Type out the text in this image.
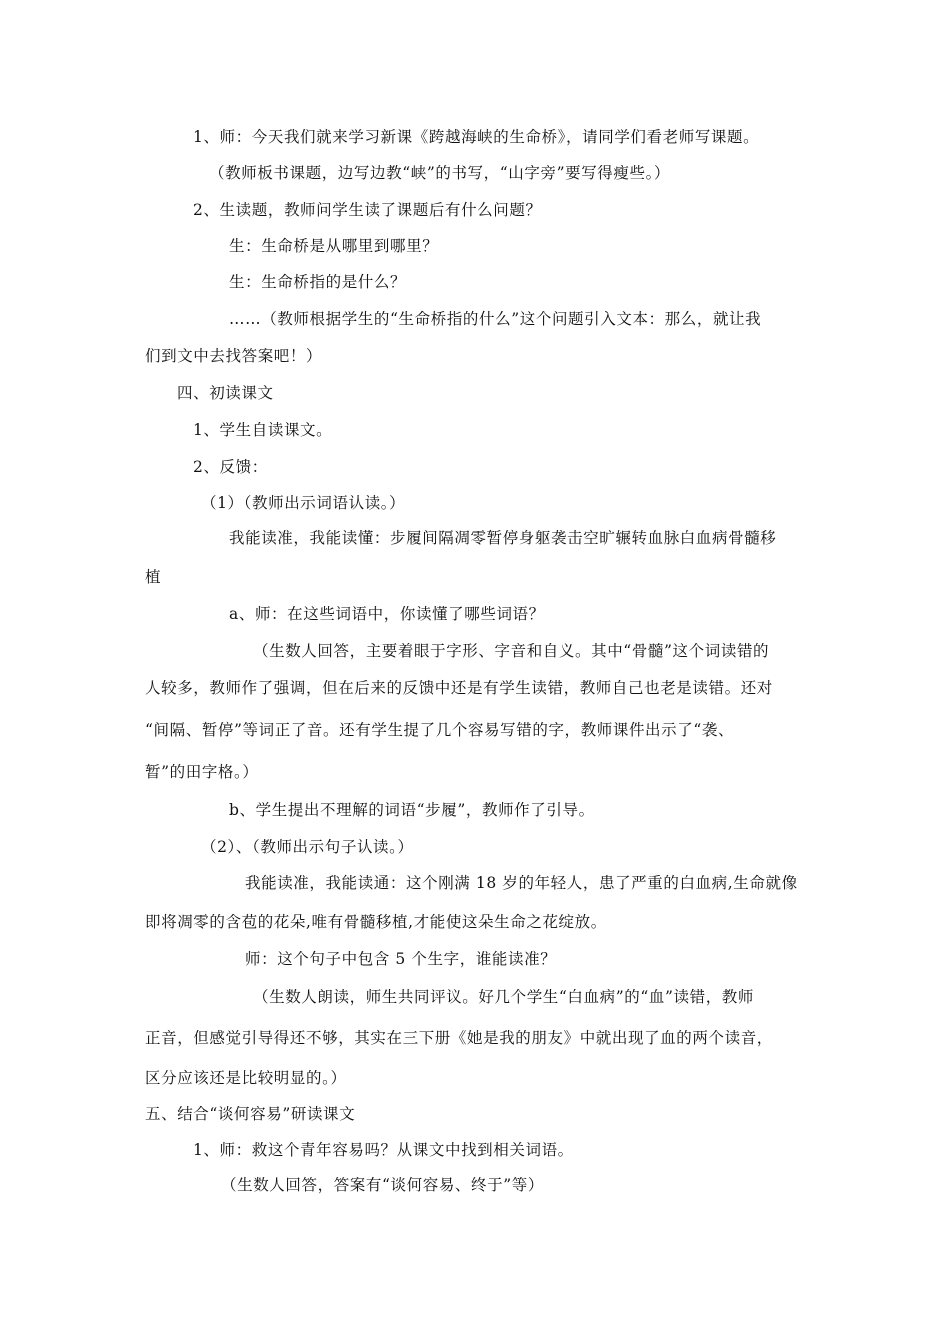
1、师：今天我们就来学习新课《跨越海峡的生命桥》，请同学们看老师写课题。
（教师板书课题，边写边教“峡”的书写，“山字旁”要写得瘦些。）
2、生读题，教师问学生读了课题后有什么问题？
生：生命桥是从哪里到哪里？
生：生命桥指的是什么？
……（教师根据学生的“生命桥指的什么”这个问题引入文本：那么，就让我
们到文中去找答案吧！）
四、初读课文
1、学生自读课文。
2、反馈：
（1）（教师出示词语认读。）
我能读准，我能读懂：步履间隔凋零暂停身躯袭击空旷辗转血脉白血病骨髓移
植
a、师：在这些词语中，你读懂了哪些词语？
（生数人回答，主要着眼于字形、字音和自义。其中“骨髓”这个词读错的
人较多，教师作了强调，但在后来的反馈中还是有学生读错，教师自己也老是读错。还对
“间隔、暂停”等词正了音。还有学生提了几个容易写错的字，教师课件出示了“袭、
暂”的田字格。）
b、学生提出不理解的词语“步履”，教师作了引导。
（2）、（教师出示句子认读。）
我能读准，我能读通：这个刚满 18 岁的年轻人，患了严重的白血病,生命就像
即将凋零的含苞的花朵,唯有骨髓移植,才能使这朵生命之花绽放。
师：这个句子中包含 5 个生字，谁能读准？
（生数人朗读，师生共同评议。好几个学生“白血病”的“血”读错，教师
正音，但感觉引导得还不够，其实在三下册《她是我的朋友》中就出现了血的两个读音，
区分应该还是比较明显的。）
五、结合“谈何容易”研读课文
1、师：救这个青年容易吗？从课文中找到相关词语。
（生数人回答，答案有“谈何容易、终于”等）
